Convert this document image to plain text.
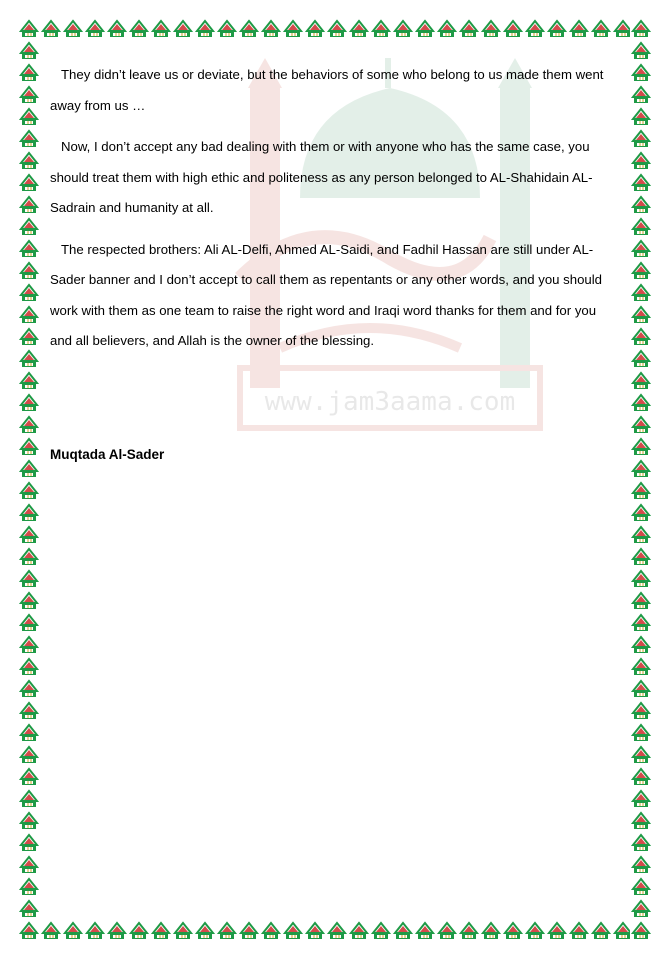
www.jam3aama.com

They didn’t leave us or deviate, but the behaviors of some who belong to us made them went away from us …

Now, I don’t accept any bad dealing with them or with anyone who has the same case, you should treat them with high ethic and politeness as any person belonged to AL-Shahidain AL-Sadrain and humanity at all.

The respected brothers: Ali AL-Delfi, Ahmed AL-Saidi, and Fadhil Hassan are still under AL-Sader banner and I don’t accept to call them as repentants or any other words, and you should work with them as one team to raise the right word and Iraqi word thanks for them and for you and all believers, and Allah is the owner of the blessing.

Muqtada Al-Sader
